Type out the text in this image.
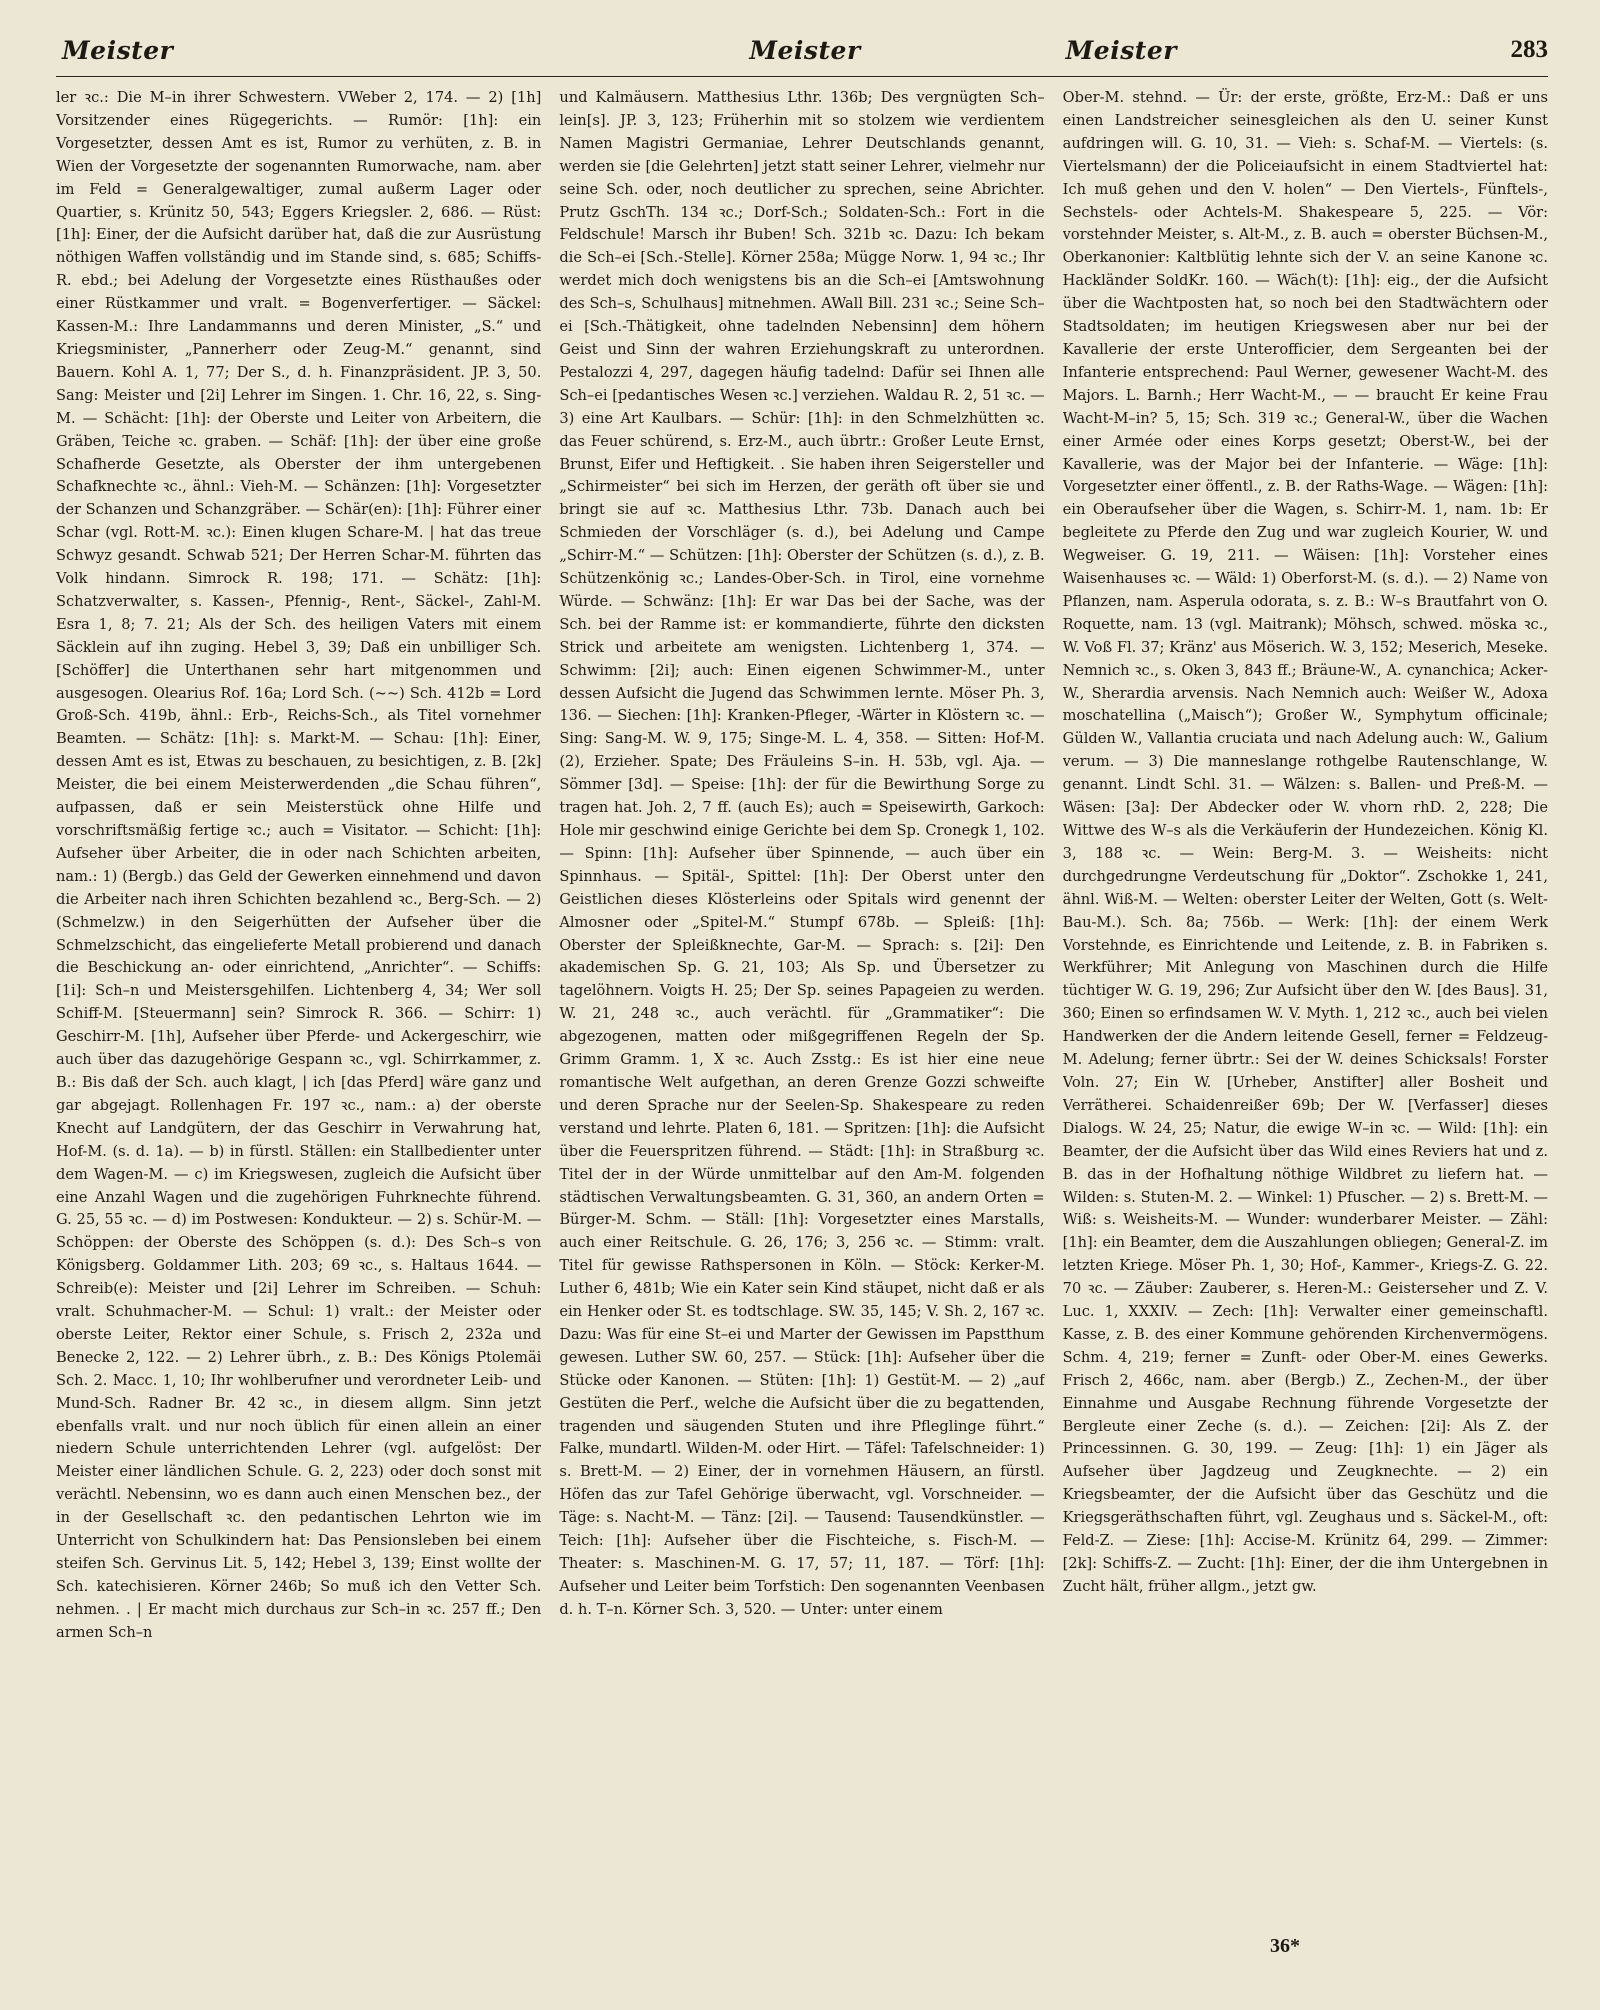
Meister	Meister	Meister	283

ler ꝛc.: Die M–in ihrer Schwestern. VWeber 2, 174. — 2) [1h] Vorsitzender eines Rügegerichts. — Rumör: [1h]: ein Vorgesetzter, dessen Amt es ist, Rumor zu verhüten, z. B. in Wien der Vorgesetzte der sogenannten Rumorwache, nam. aber im Feld = Generalgewaltiger, zumal außerm Lager oder Quartier, s. Krünitz 50, 543; Eggers Kriegsler. 2, 686. — Rüst: [1h]: Einer, der die Aufsicht darüber hat, daß die zur Ausrüstung nöthigen Waffen vollständig und im Stande sind, s. 685; Schiffs-R. ebd.; bei Adelung der Vorgesetzte eines Rüsthaußes oder einer Rüstkammer und vralt. = Bogenverfertiger. — Säckel: Kassen-M.: Ihre Landammanns und deren Minister, „S.“ und Kriegsminister, „Pannerherr oder Zeug-M.“ genannt, sind Bauern. Kohl A. 1, 77; Der S., d. h. Finanzpräsident. JP. 3, 50. Sang: Meister und [2i] Lehrer im Singen. 1. Chr. 16, 22, s. Sing-M. — Schächt: [1h]: der Oberste und Leiter von Arbeitern, die Gräben, Teiche ꝛc. graben. — Schäf: [1h]: der über eine große Schafherde Gesetzte, als Oberster der ihm untergebenen Schafknechte ꝛc., ähnl.: Vieh-M. — Schänzen: [1h]: Vorgesetzter der Schanzen und Schanzgräber. — Schär(en): [1h]: Führer einer Schar (vgl. Rott-M. ꝛc.): Einen klugen Schare-M. | hat das treue Schwyz gesandt. Schwab 521; Der Herren Schar-M. führten das Volk hindann. Simrock R. 198; 171. — Schätz: [1h]: Schatzverwalter, s. Kassen-, Pfennig-, Rent-, Säckel-, Zahl-M. Esra 1, 8; 7. 21; Als der Sch. des heiligen Vaters mit einem Säcklein auf ihn zuging. Hebel 3, 39; Daß ein unbilliger Sch. [Schöffer] die Unterthanen sehr hart mitgenommen und ausgesogen. Olearius Rof. 16a; Lord Sch. (~~) Sch. 412b = Lord Groß-Sch. 419b, ähnl.: Erb-, Reichs-Sch., als Titel vornehmer Beamten. — Schätz: [1h]: s. Markt-M. — Schau: [1h]: Einer, dessen Amt es ist, Etwas zu beschauen, zu besichtigen, z. B. [2k] Meister, die bei einem Meisterwerdenden „die Schau führen“, aufpassen, daß er sein Meisterstück ohne Hilfe und vorschriftsmäßig fertige ꝛc.; auch = Visitator. — Schicht: [1h]: Aufseher über Arbeiter, die in oder nach Schichten arbeiten, nam.: 1) (Bergb.) das Geld der Gewerken einnehmend und davon die Arbeiter nach ihren Schichten bezahlend ꝛc., Berg-Sch. — 2) (Schmelzw.) in den Seigerhütten der Aufseher über die Schmelzschicht, das eingelieferte Metall probierend und danach die Beschickung an- oder einrichtend, „Anrichter“. — Schiffs: [1i]: Sch–n und Meistersgehilfen. Lichtenberg 4, 34; Wer soll Schiff-M. [Steuermann] sein? Simrock R. 366. — Schirr: 1) Geschirr-M. [1h], Aufseher über Pferde- und Ackergeschirr, wie auch über das dazugehörige Gespann ꝛc., vgl. Schirrkammer, z. B.: Bis daß der Sch. auch klagt, | ich [das Pferd] wäre ganz und gar abgejagt. Rollenhagen Fr. 197 ꝛc., nam.: a) der oberste Knecht auf Landgütern, der das Geschirr in Verwahrung hat, Hof-M. (s. d. 1a). — b) in fürstl. Ställen: ein Stallbedienter unter dem Wagen-M. — c) im Kriegswesen, zugleich die Aufsicht über eine Anzahl Wagen und die zugehörigen Fuhrknechte führend. G. 25, 55 ꝛc. — d) im Postwesen: Kondukteur. — 2) s. Schür-M. — Schöppen: der Oberste des Schöppen (s. d.): Des Sch–s von Königsberg. Goldammer Lith. 203; 69 ꝛc., s. Haltaus 1644. — Schreib(e): Meister und [2i] Lehrer im Schreiben. — Schuh: vralt. Schuhmacher-M. — Schul: 1) vralt.: der Meister oder oberste Leiter, Rektor einer Schule, s. Frisch 2, 232a und Benecke 2, 122. — 2) Lehrer übrh., z. B.: Des Königs Ptolemäi Sch. 2. Macc. 1, 10; Ihr wohlberufner und verordneter Leib- und Mund-Sch. Radner Br. 42 ꝛc., in diesem allgm. Sinn jetzt ebenfalls vralt. und nur noch üblich für einen allein an einer niedern Schule unterrichtenden Lehrer (vgl. aufgelöst: Der Meister einer ländlichen Schule. G. 2, 223) oder doch sonst mit verächtl. Nebensinn, wo es dann auch einen Menschen bez., der in der Gesellschaft ꝛc. den pedantischen Lehrton wie im Unterricht von Schulkindern hat: Das Pensionsleben bei einem steifen Sch. Gervinus Lit. 5, 142; Hebel 3, 139; Einst wollte der Sch. katechisieren. Körner 246b; So muß ich den Vetter Sch. nehmen. . | Er macht mich durchaus zur Sch–in ꝛc. 257 ff.; Den armen Sch–n

und Kalmäusern. Matthesius Lthr. 136b; Des vergnügten Sch–lein[s]. JP. 3, 123; Früherhin mit so stolzem wie verdientem Namen Magistri Germaniae, Lehrer Deutschlands genannt, werden sie [die Gelehrten] jetzt statt seiner Lehrer, vielmehr nur seine Sch. oder, noch deutlicher zu sprechen, seine Abrichter. Prutz GschTh. 134 ꝛc.; Dorf-Sch.; Soldaten-Sch.: Fort in die Feldschule! Marsch ihr Buben! Sch. 321b ꝛc. Dazu: Ich bekam die Sch–ei [Sch.-Stelle]. Körner 258a; Mügge Norw. 1, 94 ꝛc.; Ihr werdet mich doch wenigstens bis an die Sch–ei [Amtswohnung des Sch–s, Schulhaus] mitnehmen. AWall Bill. 231 ꝛc.; Seine Sch–ei [Sch.-Thätigkeit, ohne tadelnden Nebensinn] dem höhern Geist und Sinn der wahren Erziehungskraft zu unterordnen. Pestalozzi 4, 297, dagegen häufig tadelnd: Dafür sei Ihnen alle Sch–ei [pedantisches Wesen ꝛc.] verziehen. Waldau R. 2, 51 ꝛc. — 3) eine Art Kaulbars. — Schür: [1h]: in den Schmelzhütten ꝛc. das Feuer schürend, s. Erz-M., auch übrtr.: Großer Leute Ernst, Brunst, Eifer und Heftigkeit. . Sie haben ihren Seigersteller und „Schirmeister“ bei sich im Herzen, der geräth oft über sie und bringt sie auf ꝛc. Matthesius Lthr. 73b. Danach auch bei Schmieden der Vorschläger (s. d.), bei Adelung und Campe „Schirr-M.“ — Schützen: [1h]: Oberster der Schützen (s. d.), z. B. Schützenkönig ꝛc.; Landes-Ober-Sch. in Tirol, eine vornehme Würde. — Schwänz: [1h]: Er war Das bei der Sache, was der Sch. bei der Ramme ist: er kommandierte, führte den dicksten Strick und arbeitete am wenigsten. Lichtenberg 1, 374. — Schwimm: [2i]; auch: Einen eigenen Schwimmer-M., unter dessen Aufsicht die Jugend das Schwimmen lernte. Möser Ph. 3, 136. — Siechen: [1h]: Kranken-Pfleger, -Wärter in Klöstern ꝛc. — Sing: Sang-M. W. 9, 175; Singe-M. L. 4, 358. — Sitten: Hof-M. (2), Erzieher. Spate; Des Fräuleins S–in. H. 53b, vgl. Aja. — Sömmer [3d]. — Speise: [1h]: der für die Bewirthung Sorge zu tragen hat. Joh. 2, 7 ff. (auch Es); auch = Speisewirth, Garkoch: Hole mir geschwind einige Gerichte bei dem Sp. Cronegk 1, 102. — Spinn: [1h]: Aufseher über Spinnende, — auch über ein Spinnhaus. — Spitäl-, Spittel: [1h]: Der Oberst unter den Geistlichen dieses Klösterleins oder Spitals wird genennt der Almosner oder „Spitel-M.“ Stumpf 678b. — Spleiß: [1h]: Oberster der Spleißknechte, Gar-M. — Sprach: s. [2i]: Den akademischen Sp. G. 21, 103; Als Sp. und Übersetzer zu tagelöhnern. Voigts H. 25; Der Sp. seines Papageien zu werden. W. 21, 248 ꝛc., auch verächtl. für „Grammatiker“: Die abgezogenen, matten oder mißgegriffenen Regeln der Sp. Grimm Gramm. 1, X ꝛc. Auch Zsstg.: Es ist hier eine neue romantische Welt aufgethan, an deren Grenze Gozzi schweifte und deren Sprache nur der Seelen-Sp. Shakespeare zu reden verstand und lehrte. Platen 6, 181. — Spritzen: [1h]: die Aufsicht über die Feuerspritzen führend. — Städt: [1h]: in Straßburg ꝛc. Titel der in der Würde unmittelbar auf den Am-M. folgenden städtischen Verwaltungsbeamten. G. 31, 360, an andern Orten = Bürger-M. Schm. — Ställ: [1h]: Vorgesetzter eines Marstalls, auch einer Reitschule. G. 26, 176; 3, 256 ꝛc. — Stimm: vralt. Titel für gewisse Rathspersonen in Köln. — Stöck: Kerker-M. Luther 6, 481b; Wie ein Kater sein Kind stäupet, nicht daß er als ein Henker oder St. es todtschlage. SW. 35, 145; V. Sh. 2, 167 ꝛc. Dazu: Was für eine St–ei und Marter der Gewissen im Papstthum gewesen. Luther SW. 60, 257. — Stück: [1h]: Aufseher über die Stücke oder Kanonen. — Stüten: [1h]: 1) Gestüt-M. — 2) „auf Gestüten die Perf., welche die Aufsicht über die zu begattenden, tragenden und säugenden Stuten und ihre Pfleglinge führt.“ Falke, mundartl. Wilden-M. oder Hirt. — Täfel: Tafelschneider: 1) s. Brett-M. — 2) Einer, der in vornehmen Häusern, an fürstl. Höfen das zur Tafel Gehörige überwacht, vgl. Vorschneider. — Täge: s. Nacht-M. — Tänz: [2i]. — Tausend: Tausendkünstler. — Teich: [1h]: Aufseher über die Fischteiche, s. Fisch-M. — Theater: s. Maschinen-M. G. 17, 57; 11, 187. — Törf: [1h]: Aufseher und Leiter beim Torfstich: Den sogenannten Veenbasen d. h. T–n. Körner Sch. 3, 520. — Unter: unter einem

Ober-M. stehnd. — Ür: der erste, größte, Erz-M.: Daß er uns einen Landstreicher seinesgleichen als den U. seiner Kunst aufdringen will. G. 10, 31. — Vieh: s. Schaf-M. — Viertels: (s. Viertelsmann) der die Policeiaufsicht in einem Stadtviertel hat: Ich muß gehen und den V. holen“ — Den Viertels-, Fünftels-, Sechstels- oder Achtels-M. Shakespeare 5, 225. — Vör: vorstehnder Meister, s. Alt-M., z. B. auch = oberster Büchsen-M., Oberkanonier: Kaltblütig lehnte sich der V. an seine Kanone ꝛc. Hackländer SoldKr. 160. — Wäch(t): [1h]: eig., der die Aufsicht über die Wachtposten hat, so noch bei den Stadtwächtern oder Stadtsoldaten; im heutigen Kriegswesen aber nur bei der Kavallerie der erste Unterofficier, dem Sergeanten bei der Infanterie entsprechend: Paul Werner, gewesener Wacht-M. des Majors. L. Barnh.; Herr Wacht-M., — — braucht Er keine Frau Wacht-M–in? 5, 15; Sch. 319 ꝛc.; General-W., über die Wachen einer Armée oder eines Korps gesetzt; Oberst-W., bei der Kavallerie, was der Major bei der Infanterie. — Wäge: [1h]: Vorgesetzter einer öffentl., z. B. der Raths-Wage. — Wägen: [1h]: ein Oberaufseher über die Wagen, s. Schirr-M. 1, nam. 1b: Er begleitete zu Pferde den Zug und war zugleich Kourier, W. und Wegweiser. G. 19, 211. — Wäisen: [1h]: Vorsteher eines Waisenhauses ꝛc. — Wäld: 1) Oberforst-M. (s. d.). — 2) Name von Pflanzen, nam. Asperula odorata, s. z. B.: W–s Brautfahrt von O. Roquette, nam. 13 (vgl. Maitrank); Möhsch, schwed. möska ꝛc., W. Voß Fl. 37; Kränz' aus Möserich. W. 3, 152; Meserich, Meseke. Nemnich ꝛc., s. Oken 3, 843 ff.; Bräune-W., A. cynanchica; Acker-W., Sherardia arvensis. Nach Nemnich auch: Weißer W., Adoxa moschatellina („Maisch“); Großer W., Symphytum officinale; Gülden W., Vallantia cruciata und nach Adelung auch: W., Galium verum. — 3) Die manneslange rothgelbe Rautenschlange, W. genannt. Lindt Schl. 31. — Wälzen: s. Ballen- und Preß-M. — Wäsen: [3a]: Der Abdecker oder W. vhorn rhD. 2, 228; Die Wittwe des W–s als die Verkäuferin der Hundezeichen. König Kl. 3, 188 ꝛc. — Wein: Berg-M. 3. — Weisheits: nicht durchgedrungne Verdeutschung für „Doktor“. Zschokke 1, 241, ähnl. Wiß-M. — Welten: oberster Leiter der Welten, Gott (s. Welt-Bau-M.). Sch. 8a; 756b. — Werk: [1h]: der einem Werk Vorstehnde, es Einrichtende und Leitende, z. B. in Fabriken s. Werkführer; Mit Anlegung von Maschinen durch die Hilfe tüchtiger W. G. 19, 296; Zur Aufsicht über den W. [des Baus]. 31, 360; Einen so erfindsamen W. V. Myth. 1, 212 ꝛc., auch bei vielen Handwerken der die Andern leitende Gesell, ferner = Feldzeug-M. Adelung; ferner übrtr.: Sei der W. deines Schicksals! Forster Voln. 27; Ein W. [Urheber, Anstifter] aller Bosheit und Verrätherei. Schaidenreißer 69b; Der W. [Verfasser] dieses Dialogs. W. 24, 25; Natur, die ewige W–in ꝛc. — Wild: [1h]: ein Beamter, der die Aufsicht über das Wild eines Reviers hat und z. B. das in der Hofhaltung nöthige Wildbret zu liefern hat. — Wilden: s. Stuten-M. 2. — Winkel: 1) Pfuscher. — 2) s. Brett-M. — Wiß: s. Weisheits-M. — Wunder: wunderbarer Meister. — Zähl: [1h]: ein Beamter, dem die Auszahlungen obliegen; General-Z. im letzten Kriege. Möser Ph. 1, 30; Hof-, Kammer-, Kriegs-Z. G. 22. 70 ꝛc. — Zäuber: Zauberer, s. Heren-M.: Geisterseher und Z. V. Luc. 1, XXXIV. — Zech: [1h]: Verwalter einer gemeinschaftl. Kasse, z. B. des einer Kommune gehörenden Kirchenvermögens. Schm. 4, 219; ferner = Zunft- oder Ober-M. eines Gewerks. Frisch 2, 466c, nam. aber (Bergb.) Z., Zechen-M., der über Einnahme und Ausgabe Rechnung führende Vorgesetzte der Bergleute einer Zeche (s. d.). — Zeichen: [2i]: Als Z. der Princessinnen. G. 30, 199. — Zeug: [1h]: 1) ein Jäger als Aufseher über Jagdzeug und Zeugknechte. — 2) ein Kriegsbeamter, der die Aufsicht über das Geschütz und die Kriegsgeräthschaften führt, vgl. Zeughaus und s. Säckel-M., oft: Feld-Z. — Ziese: [1h]: Accise-M. Krünitz 64, 299. — Zimmer: [2k]: Schiffs-Z. — Zucht: [1h]: Einer, der die ihm Untergebnen in Zucht hält, früher allgm., jetzt gw.

36*
